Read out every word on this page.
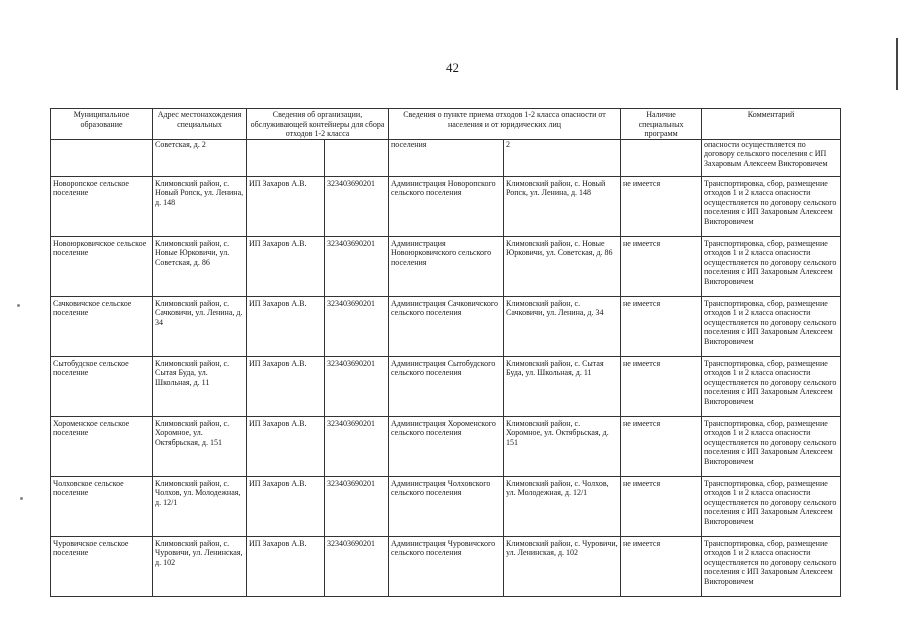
42
Муниципальное образование	Адрес местонахождения специальных	Сведения об организации, обслуживающей контейнеры для сбора отходов 1-2 класса		Сведения о пункте приема отходов 1-2 класса опасности от населения и от юридических лиц		Наличие специальных программ	Комментарий
	Советская, д. 2			поселения	2		опасности осуществляется по договору сельского поселения с ИП Захаровым Алексеем Викторовичем
Новоропское сельское поселение	Климовский район, с. Новый Ропск, ул. Ленина, д. 148	ИП Захаров А.В.	323403690201	Администрация Новоропского сельского поселения	Климовский район, с. Новый Ропск, ул. Ленина, д. 148	не имеется	Транспортировка, сбор, размещение отходов 1 и 2 класса опасности осуществляется по договору сельского поселения с ИП Захаровым Алексеем Викторовичем
Новоюрковичское сельское поселение	Климовский район, с. Новые Юрковичи, ул. Советская, д. 86	ИП Захаров А.В.	323403690201	Администрация Новоюрковичского сельского поселения	Климовский район, с. Новые Юрковичи, ул. Советская, д. 86	не имеется	Транспортировка, сбор, размещение отходов 1 и 2 класса опасности осуществляется по договору сельского поселения с ИП Захаровым Алексеем Викторовичем
Сачковичское сельское поселение	Климовский район, с. Сачковичи, ул. Ленина, д. 34	ИП Захаров А.В.	323403690201	Администрация Сачковичского сельского поселения	Климовский район, с. Сачковичи, ул. Ленина, д. 34	не имеется	Транспортировка, сбор, размещение отходов 1 и 2 класса опасности осуществляется по договору сельского поселения с ИП Захаровым Алексеем Викторовичем
Сытобудское сельское поселение	Климовский район, с. Сытая Буда, ул. Школьная, д. 11	ИП Захаров А.В.	323403690201	Администрация Сытобудского сельского поселения	Климовский район, с. Сытая Буда, ул. Школьная, д. 11	не имеется	Транспортировка, сбор, размещение отходов 1 и 2 класса опасности осуществляется по договору сельского поселения с ИП Захаровым Алексеем Викторовичем
Хороменское сельское поселение	Климовский район, с. Хоромное, ул. Октябрьская, д. 151	ИП Захаров А.В.	323403690201	Администрация Хороменского сельского поселения	Климовский район, с. Хоромное, ул. Октябрьская, д. 151	не имеется	Транспортировка, сбор, размещение отходов 1 и 2 класса опасности осуществляется по договору сельского поселения с ИП Захаровым Алексеем Викторовичем
Чолховское сельское поселение	Климовский район, с. Чолхов, ул. Молодежная, д. 12/1	ИП Захаров А.В.	323403690201	Администрация Чолховского сельского поселения	Климовский район, с. Чолхов, ул. Молодежная, д. 12/1	не имеется	Транспортировка, сбор, размещение отходов 1 и 2 класса опасности осуществляется по договору сельского поселения с ИП Захаровым Алексеем Викторовичем
Чуровичское сельское поселение	Климовский район, с. Чуровичи, ул. Ленинская, д. 102	ИП Захаров А.В.	323403690201	Администрация Чуровичского сельского поселения	Климовский район, с. Чуровичи, ул. Ленинская, д. 102	не имеется	Транспортировка, сбор, размещение отходов 1 и 2 класса опасности осуществляется по договору сельского поселения с ИП Захаровым Алексеем Викторовичем
